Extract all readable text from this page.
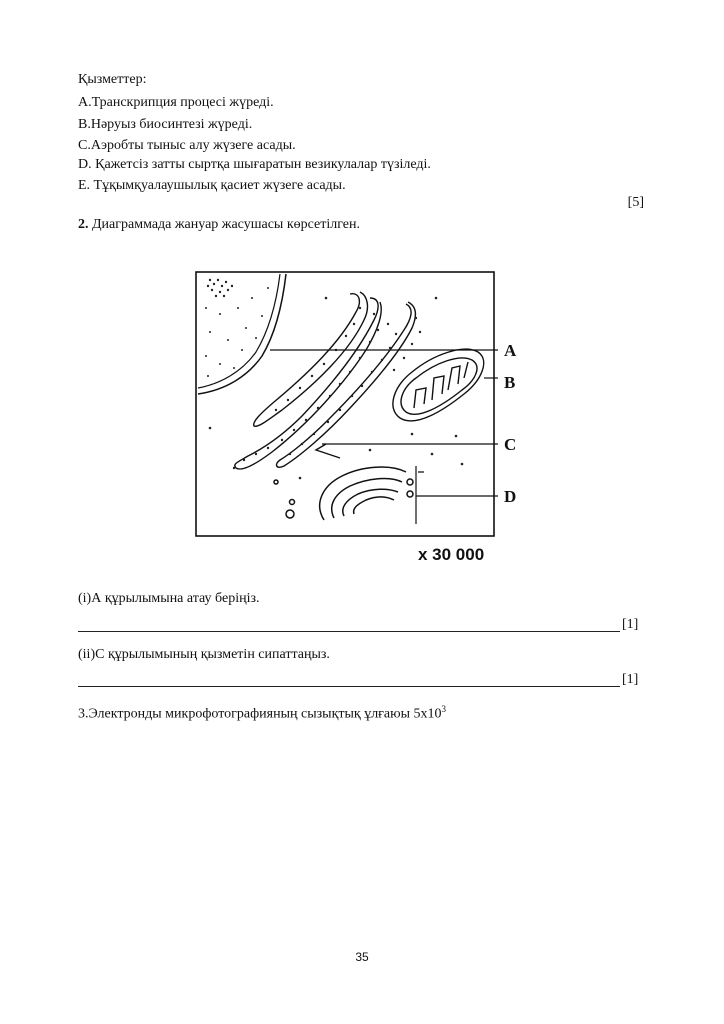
Қызметтер:
А.Транскрипция процесі жүреді.
В.Нәруыз биосинтезі жүреді.
С.Аэробты тыныс алу жүзеге асады.
D. Қажетсіз затты сыртқа шығаратын везикулалар түзіледі.
Е. Тұқымқуалаушылық қасиет жүзеге асады.
[5]
2. Диаграммада жануар жасушасы көрсетілген.
A
B
C
D
x 30 000
(i)А құрылымына атау беріңіз.
[1]
(ii)С құрылымының қызметін сипаттаңыз.
[1]
3.Электронды микрофотографияның сызықтық ұлғаюы $5х10^3$
35
